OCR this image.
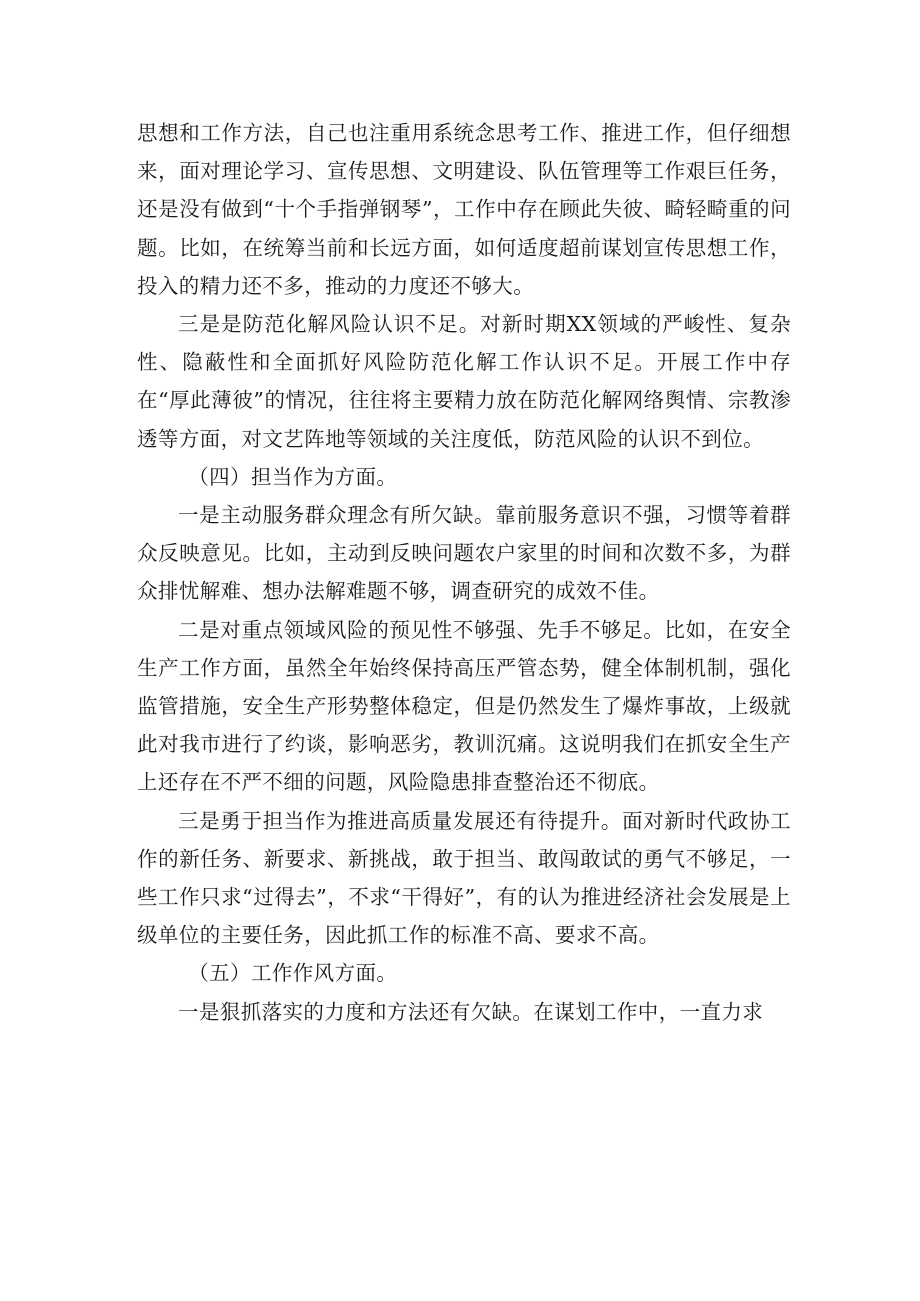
思想和工作方法，自己也注重用系统念思考工作、推进工作，但仔细想来，面对理论学习、宣传思想、文明建设、队伍管理等工作艰巨任务，还是没有做到“十个手指弹钢琴”，工作中存在顾此失彼、畸轻畸重的问题。比如，在统筹当前和长远方面，如何适度超前谋划宣传思想工作，投入的精力还不多，推动的力度还不够大。

三是是防范化解风险认识不足。对新时期XX领域的严峻性、复杂性、隐蔽性和全面抓好风险防范化解工作认识不足。开展工作中存在“厚此薄彼”的情况，往往将主要精力放在防范化解网络舆情、宗教渗透等方面，对文艺阵地等领域的关注度低，防范风险的认识不到位。

（四）担当作为方面。

一是主动服务群众理念有所欠缺。靠前服务意识不强，习惯等着群众反映意见。比如，主动到反映问题农户家里的时间和次数不多，为群众排忧解难、想办法解难题不够，调查研究的成效不佳。

二是对重点领域风险的预见性不够强、先手不够足。比如，在安全生产工作方面，虽然全年始终保持高压严管态势，健全体制机制，强化监管措施，安全生产形势整体稳定，但是仍然发生了爆炸事故，上级就此对我市进行了约谈，影响恶劣，教训沉痛。这说明我们在抓安全生产上还存在不严不细的问题，风险隐患排查整治还不彻底。

三是勇于担当作为推进高质量发展还有待提升。面对新时代政协工作的新任务、新要求、新挑战，敢于担当、敢闯敢试的勇气不够足，一些工作只求“过得去”，不求“干得好”，有的认为推进经济社会发展是上级单位的主要任务，因此抓工作的标准不高、要求不高。

（五）工作作风方面。

一是狠抓落实的力度和方法还有欠缺。在谋划工作中，一直力求
